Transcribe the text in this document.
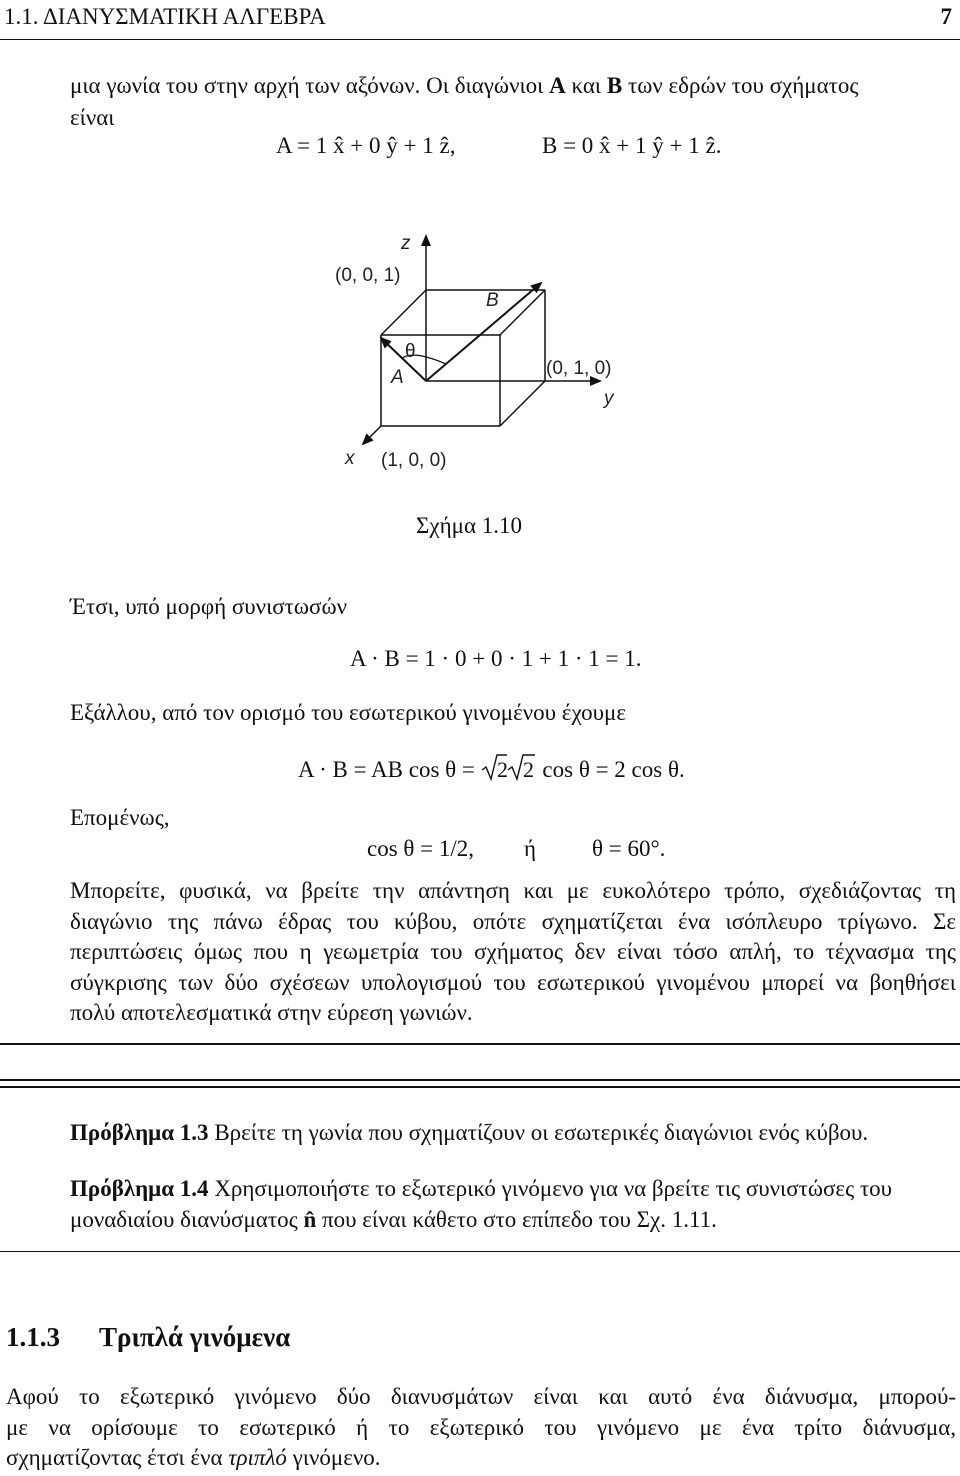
1.1. ΔΙΑΝΥΣΜΑΤΙΚΗ ΑΛΓΕΒΡΑ	7
μια γωνία του στην αρχή των αξόνων. Οι διαγώνιοι A και B των εδρών του σχήματος
είναι
A = 1 x̂ + 0 ŷ + 1 ẑ,	B = 0 x̂ + 1 ŷ + 1 ẑ.
z
(0, 0, 1)
B
θ
A	(0, 1, 0)
y
x (1, 0, 0)
Σχήμα 1.10
Έτσι, υπό μορφή συνιστωσών
A · B = 1 · 0 + 0 · 1 + 1 · 1 = 1.
Εξάλλου, από τον ορισμό του εσωτερικού γινομένου έχουμε
A · B = AB cos θ = 2 2 cos θ = 2 cos θ.
Επομένως,
cos θ = 1/2, ή θ = 60°.
Μπορείτε, φυσικά, να βρείτε την απάντηση και με ευκολότερο τρόπο, σχεδιάζοντας τη
διαγώνιο της πάνω έδρας του κύβου, οπότε σχηματίζεται ένα ισόπλευρο τρίγωνο. Σε
περιπτώσεις όμως που η γεωμετρία του σχήματος δεν είναι τόσο απλή, το τέχνασμα της
σύγκρισης των δύο σχέσεων υπολογισμού του εσωτερικού γινομένου μπορεί να βοηθήσει
πολύ αποτελεσματικά στην εύρεση γωνιών.
Πρόβλημα 1.3 Βρείτε τη γωνία που σχηματίζουν οι εσωτερικές διαγώνιοι ενός κύβου.
Πρόβλημα 1.4 Χρησιμοποιήστε το εξωτερικό γινόμενο για να βρείτε τις συνιστώσες του
μοναδιαίου διανύσματος n̂ που είναι κάθετο στο επίπεδο του Σχ. 1.11.
1.1.3 Τριπλά γινόμενα
Αφού το εξωτερικό γινόμενο δύο διανυσμάτων είναι και αυτό ένα διάνυσμα, μπορού-
με να ορίσουμε το εσωτερικό ή το εξωτερικό του γινόμενο με ένα τρίτο διάνυσμα,
σχηματίζοντας έτσι ένα τριπλό γινόμενο.
